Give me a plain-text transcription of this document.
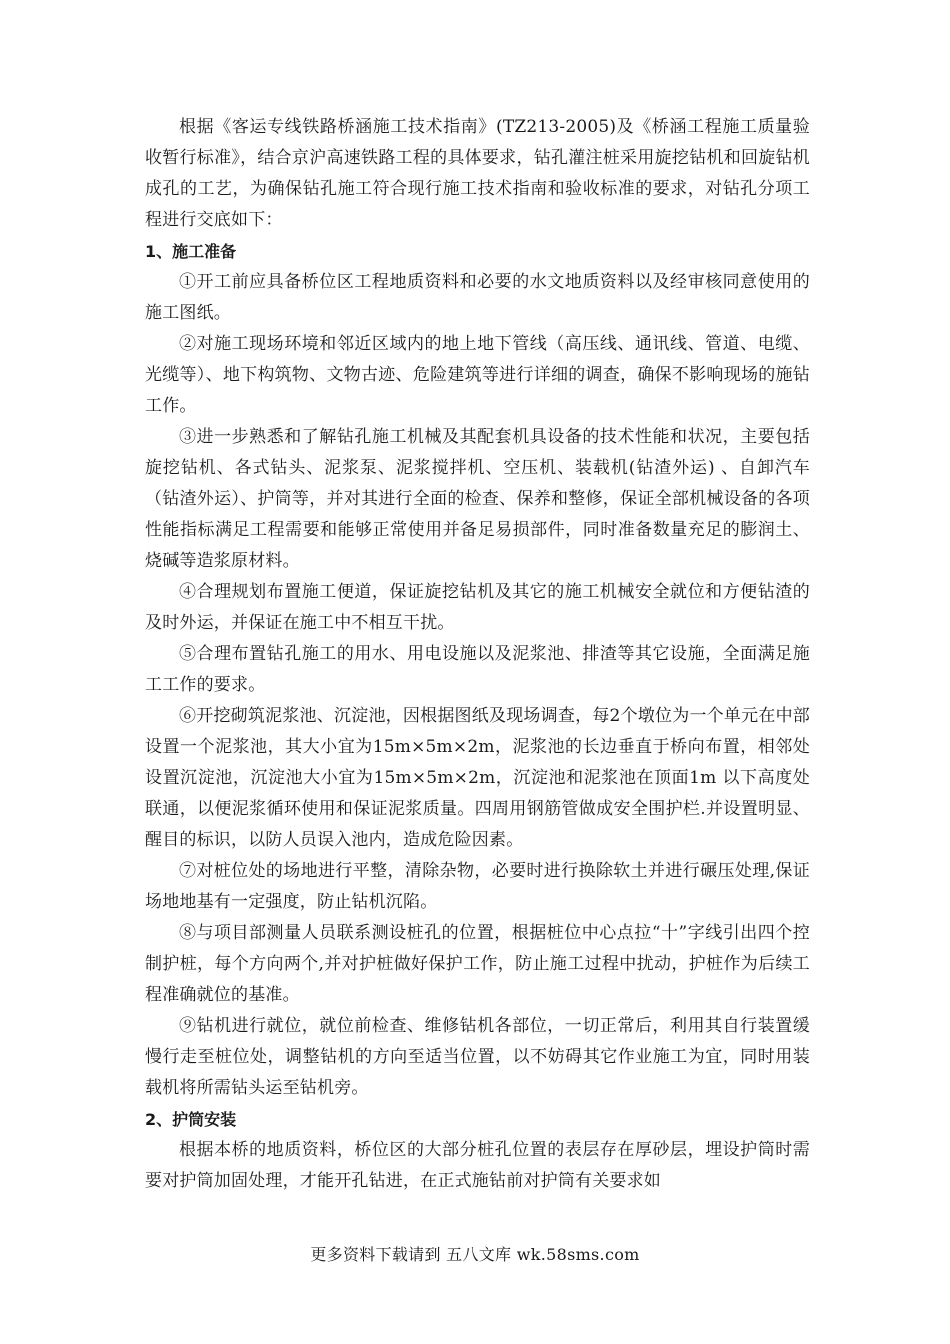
根据《客运专线铁路桥涵施工技术指南》(TZ213-2005)及《桥涵工程施工质量验收暂行标准》，结合京沪高速铁路工程的具体要求，钻孔灌注桩采用旋挖钻机和回旋钻机成孔的工艺，为确保钻孔施工符合现行施工技术指南和验收标准的要求，对钻孔分项工程进行交底如下：

1、施工准备

①开工前应具备桥位区工程地质资料和必要的水文地质资料以及经审核同意使用的施工图纸。

②对施工现场环境和邻近区域内的地上地下管线（高压线、通讯线、管道、电缆、光缆等）、地下构筑物、文物古迹、危险建筑等进行详细的调查，确保不影响现场的施钻工作。

③进一步熟悉和了解钻孔施工机械及其配套机具设备的技术性能和状况，主要包括旋挖钻机、各式钻头、泥浆泵、泥浆搅拌机、空压机、装载机(钻渣外运) 、自卸汽车（钻渣外运）、护筒等，并对其进行全面的检查、保养和整修，保证全部机械设备的各项性能指标满足工程需要和能够正常使用并备足易损部件，同时准备数量充足的膨润土、烧碱等造浆原材料。

④合理规划布置施工便道，保证旋挖钻机及其它的施工机械安全就位和方便钻渣的及时外运，并保证在施工中不相互干扰。

⑤合理布置钻孔施工的用水、用电设施以及泥浆池、排渣等其它设施，全面满足施工工作的要求。

⑥开挖砌筑泥浆池、沉淀池，因根据图纸及现场调查，每2个墩位为一个单元在中部设置一个泥浆池，其大小宜为15m×5m×2m，泥浆池的长边垂直于桥向布置，相邻处设置沉淀池，沉淀池大小宜为15m×5m×2m，沉淀池和泥浆池在顶面1m 以下高度处联通，以便泥浆循环使用和保证泥浆质量。四周用钢筋管做成安全围护栏.并设置明显、醒目的标识，以防人员误入池内，造成危险因素。

⑦对桩位处的场地进行平整，清除杂物，必要时进行换除软土并进行碾压处理,保证场地地基有一定强度，防止钻机沉陷。

⑧与项目部测量人员联系测设桩孔的位置，根据桩位中心点拉“十”字线引出四个控制护桩，每个方向两个,并对护桩做好保护工作，防止施工过程中扰动，护桩作为后续工程准确就位的基准。

⑨钻机进行就位，就位前检查、维修钻机各部位，一切正常后，利用其自行装置缓慢行走至桩位处，调整钻机的方向至适当位置，以不妨碍其它作业施工为宜，同时用装载机将所需钻头运至钻机旁。

2、护筒安装

根据本桥的地质资料，桥位区的大部分桩孔位置的表层存在厚砂层，埋设护筒时需要对护筒加固处理，才能开孔钻进，在正式施钻前对护筒有关要求如

更多资料下载请到 五八文库 wk.58sms.com
